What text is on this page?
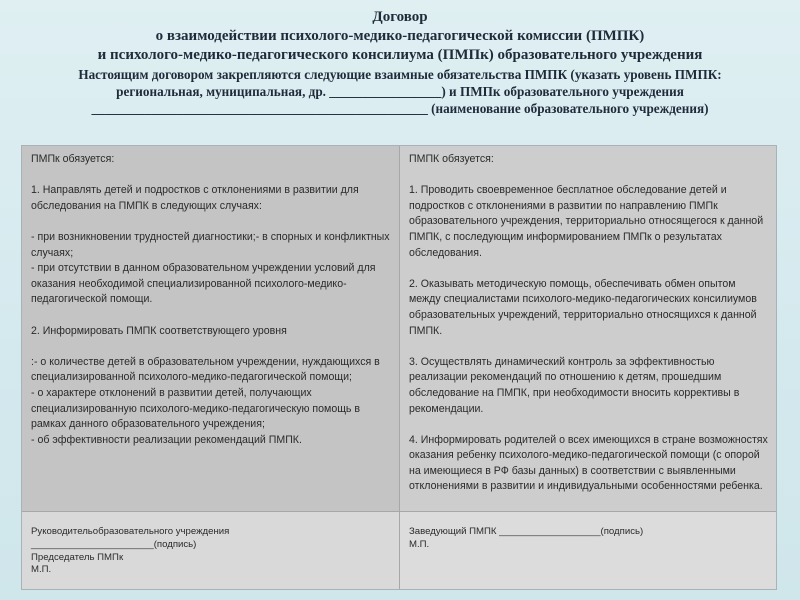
Договор
о взаимодействии психолого-медико-педагогической комиссии (ПМПК)
и психолого-медико-педагогического консилиума (ПМПк) образовательного учреждения
Настоящим договором закрепляются следующие взаимные обязательства ПМПК (указать уровень ПМПК:
региональная, муниципальная, др. _________________) и ПМПк образовательного учреждения
___________________________________________________ (наименование образовательного учреждения)

ПМПк обязуется:

1. Направлять детей и подростков с отклонениями в развитии для обследования на ПМПК в следующих случаях:

- при возникновении трудностей диагностики;- в спорных и конфликтных случаях;

- при отсутствии в данном образовательном учреждении условий для оказания необходимой специализированной психолого-медико-педагогической помощи.

2. Информировать ПМПК соответствующего уровня

:- о количестве детей в образовательном учреждении, нуждающихся в специализированной психолого-медико-педагогической помощи;

- о характере отклонений в развитии детей, получающих специализированную психолого-медико-педагогическую помощь в рамках данного образовательного учреждения;

- об эффективности реализации рекомендаций ПМПК.

ПМПК обязуется:

1. Проводить своевременное бесплатное обследование детей и подростков с отклонениями в развитии по направлению ПМПк образовательного учреждения, территориально относящегося к данной ПМПК, с последующим информированием ПМПк о результатах обследования.

2. Оказывать методическую помощь, обеспечивать обмен опытом между специалистами психолого-медико-педагогических консилиумов образовательных учреждений, территориально относящихся к данной ПМПК.

3. Осуществлять динамический контроль за эффективностью реализации рекомендаций по отношению к детям, прошедшим обследование на ПМПК, при необходимости вносить коррективы в рекомендации.

4. Информировать родителей о всех имеющихся в стране возможностях оказания ребенку психолого-медико-педагогической помощи (с опорой на имеющиеся в РФ базы данных) в соответствии с выявленными отклонениями в развитии и индивидуальными особенностями ребенка.

Руководительобразовательного учреждения

_______________________(подпись)

Председатель ПМПк

М.П.

Заведующий ПМПК ___________________(подпись)

М.П.
